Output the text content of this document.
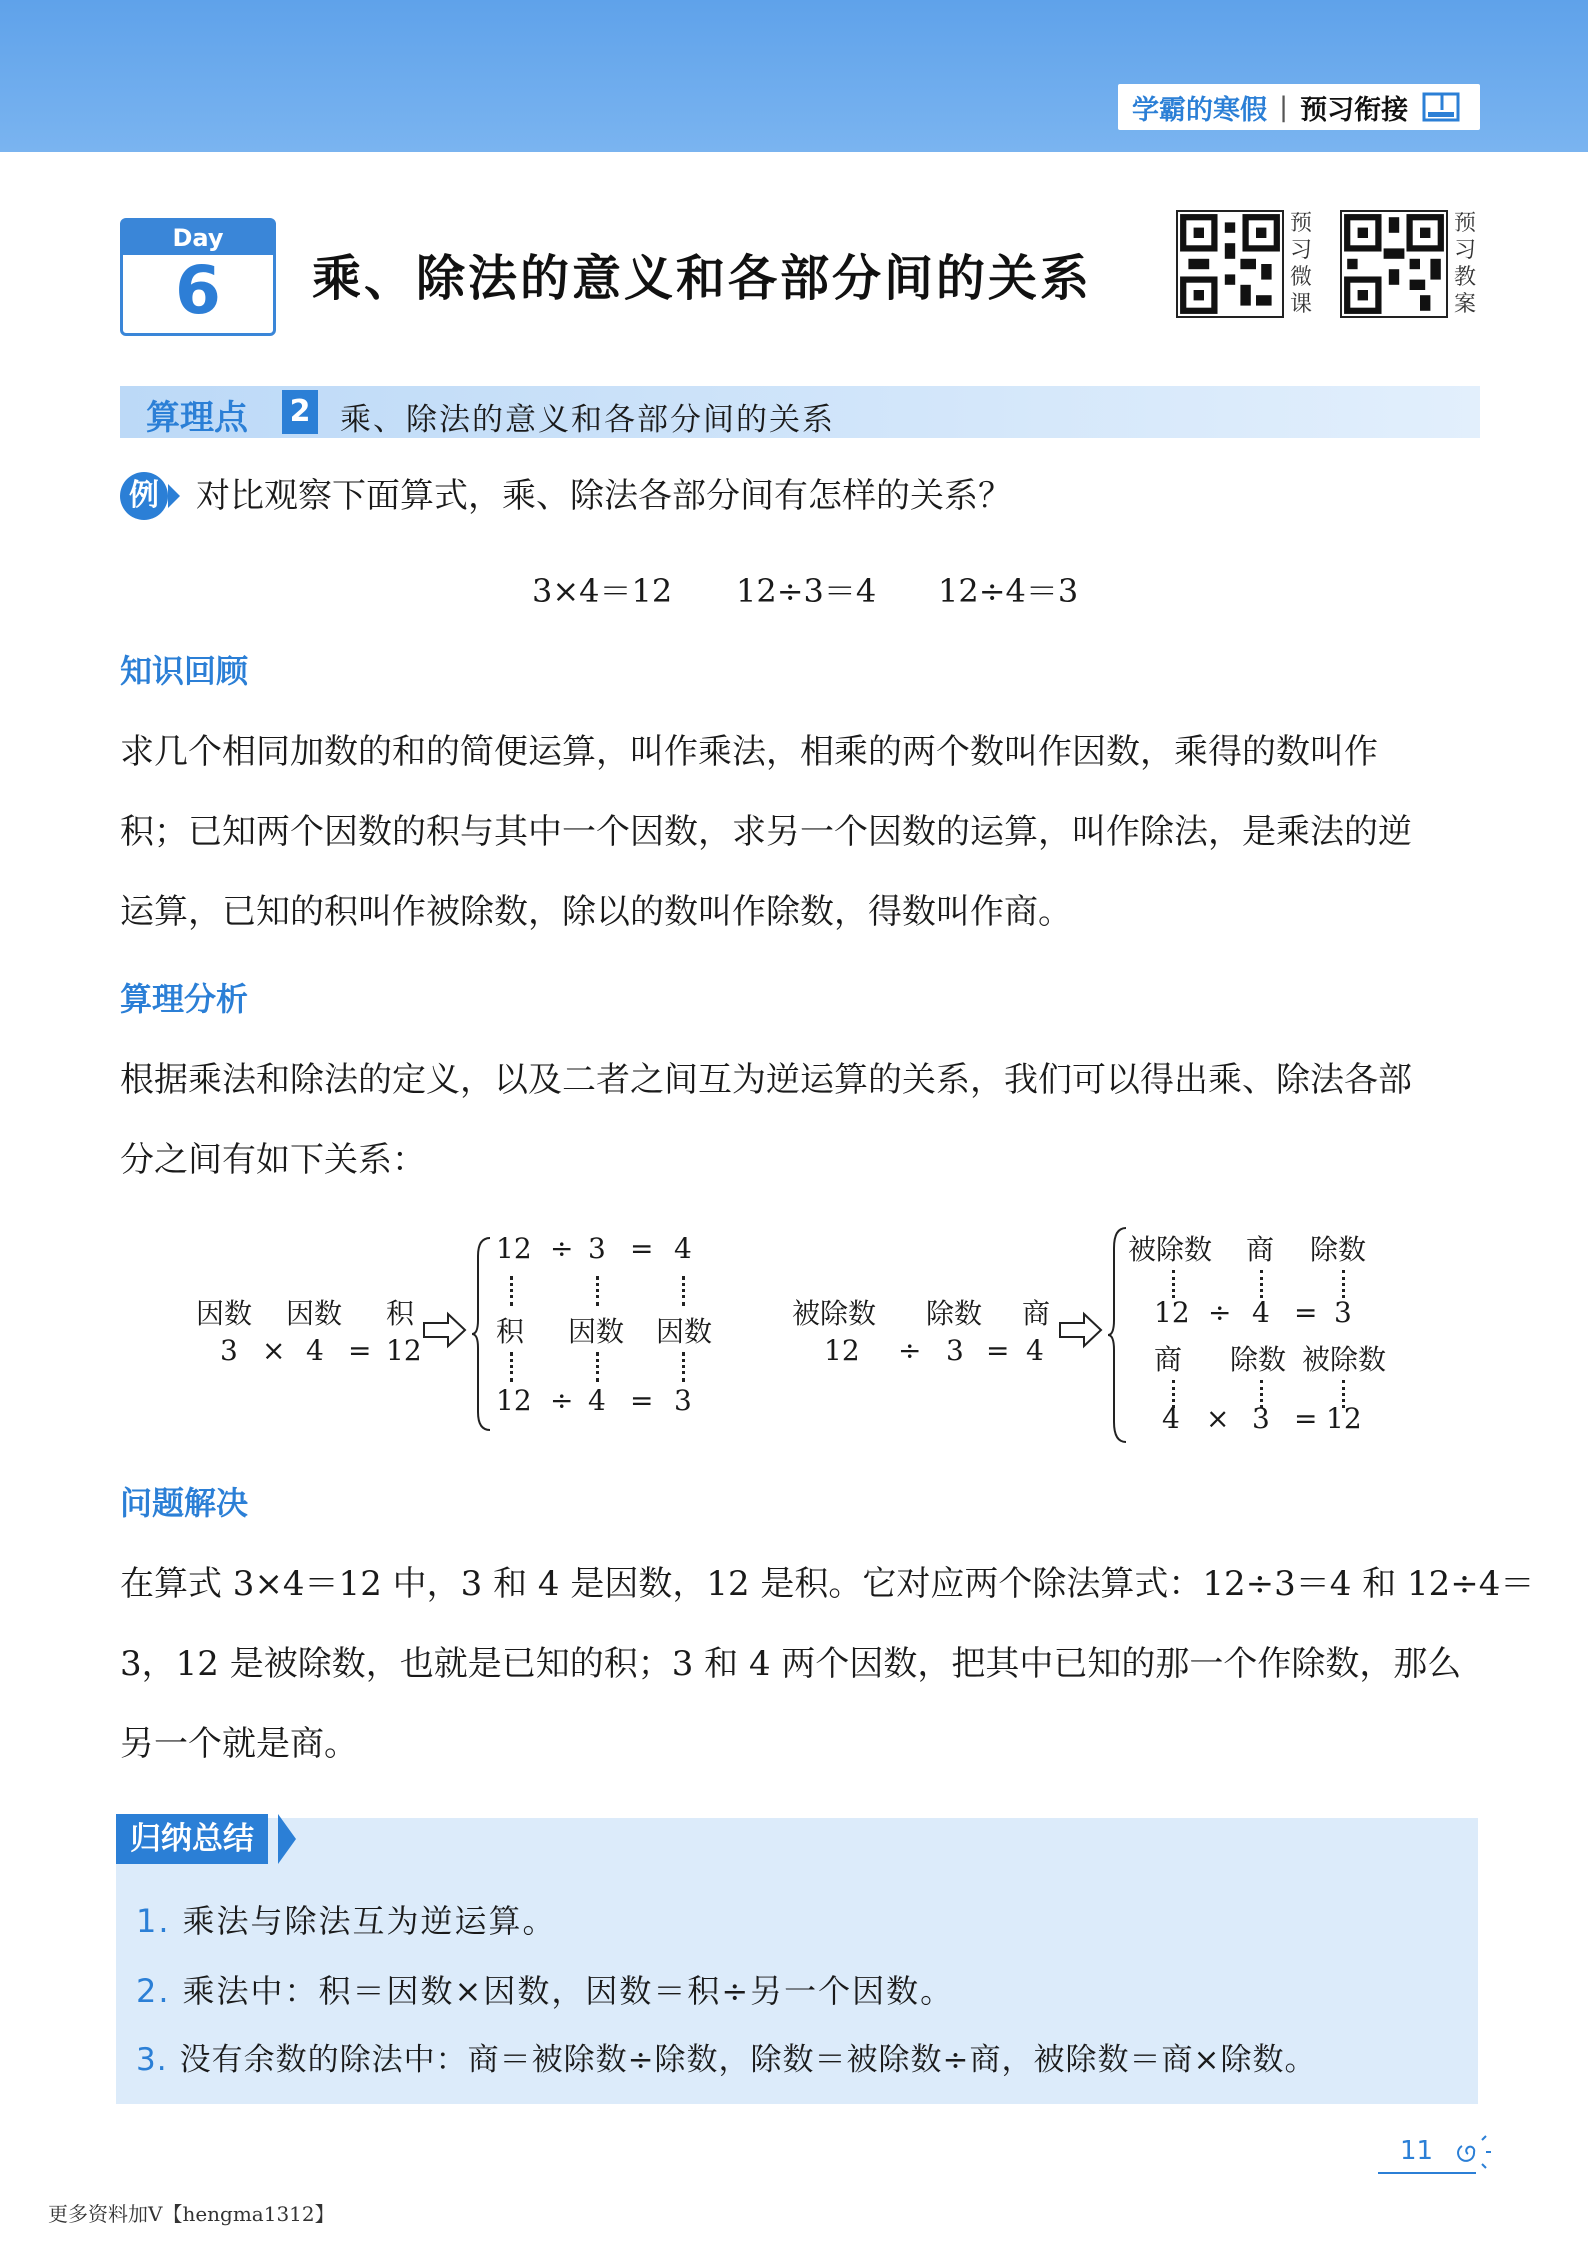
学霸的寒假 | 预习衔接
Day
6	乘、除法的意义和各部分间的关系
预
习
微
课
预
习
教
案
算理点 2 乘、除法的意义和各部分间的关系
例 对比观察下面算式，乘、除法各部分间有怎样的关系？
3×4＝12 12÷3＝4 12÷4＝3
知识回顾
求几个相同加数的和的简便运算，叫作乘法，相乘的两个数叫作因数，乘得的数叫作
积；已知两个因数的积与其中一个因数，求另一个因数的运算，叫作除法，是乘法的逆
运算，已知的积叫作被除数，除以的数叫作除数，得数叫作商。
算理分析
根据乘法和除法的定义，以及二者之间互为逆运算的关系，我们可以得出乘、除法各部
分之间有如下关系：
因数 因数 积
3 × 4 = 12
12 ÷ 3 = 4
积 因数 因数
12 ÷ 4 = 3
被除数 除数 商
12 ÷ 3 = 4
被除数 商 除数
12 ÷ 4 = 3
商 除数 被除数
4 × 3 = 12
问题解决
在算式 3×4＝12 中，3 和 4 是因数，12 是积。它对应两个除法算式：12÷3＝4 和 12÷4＝
3，12 是被除数，也就是已知的积；3 和 4 两个因数，把其中已知的那一个作除数，那么
另一个就是商。
归纳总结
1. 乘法与除法互为逆运算。
2. 乘法中：积＝因数×因数，因数＝积÷另一个因数。
3. 没有余数的除法中：商＝被除数÷除数，除数＝被除数÷商，被除数＝商×除数。
11
更多资料加V【hengma1312】
